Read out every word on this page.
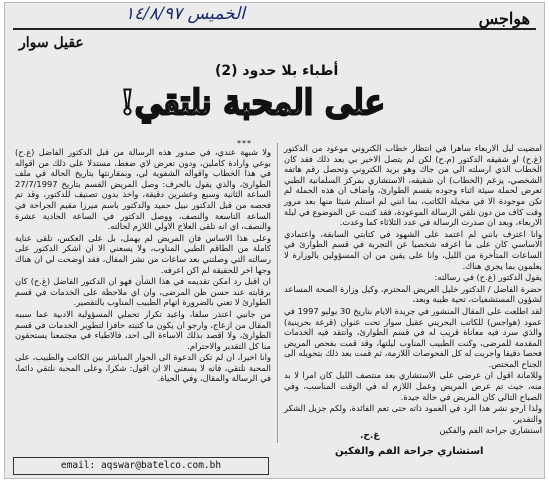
هواجس
الخميس ١٤/٨/٩٧
عقيل سوار
أطباء بلا حدود (2)
على المحبة نلتقي!
***	امضيت ليل الاربعاء ساهرا في انتظار خطاب الكتروني موعود من الدكتور (غ.ح) او شقيقه الدكتور (م.ح) لكن لم يتصل الاخير بي بعد ذلك فقد كان الخطاب الذي ارسلته الي من جاك وهو بريد الكتروني وتحصل رقم هاتفه الشخصي، يزعم (الخطاب) ان شقيقه، الاستشاري بمركز السلمانية الطبي تعرض لحملة سيئة اثناء وجوده بقسم الطوارئ، واضاف ان هذه الحملة لم تكن موجودة الا في مخيلة الكاتب، بما انني لم استلم شيئا منها بعد مرور وقت كاف من دون تلقي الرسالة الموعودة، فقد كتبت عن الموضوع في ليلة الاربعاء، وبعد ان صدرت الرسالة في عدد الثلاثاء كما وعدت.

وانا اعترف بانني لم اعتمد على الشهود في كتابتي السابقة، واعتمادي الاساسي كان على ما اعرفه شخصيا عن التجربة في قسم الطوارئ في الساعات المتأخرة من الليل، وانا على يقين من ان المسؤولين بالوزارة لا يعلمون بما يجري هناك.

يقول الدكتور (غ.ح) في رسالته:

حضرة الفاضل / الدكتور خليل العريض المحترم، وكيل وزارة الصحة المساعد لشؤون المستشفيات، تحية طيبة وبعد،

لقد اطلعت على المقال المنشور في جريدة الايام بتاريخ 30 يوليو 1997 في عمود (هواجس) للكاتب البحريني عقيل سوار تحت عنوان (قرعة بحرينية) والذي سرد فيه معاناة قريب له في قسم الطوارئ، وانتقد فيه الخدمات المقدمة للمرضى، وكنت الطبيب المناوب ليلتها، وقد قمت بفحص المريض فحصا دقيقا واجريت له كل الفحوصات اللازمة، ثم قمت بعد ذلك بتحويله الى الجناح المختص.

وللامانة اقول ان عرضي على الاستشاري بعد منتصف الليل كان امرا لا بد منه، حيث تم عرض المريض وعمل اللازم له في الوقت المناسب، وفي الصباح التالي كان المريض في حالة جيدة.

ولذا ارجو نشر هذا الرد في العمود ذاته حتى تعم الفائدة، ولكم جزيل الشكر والتقدير،

استشاري جراحة الفم والفكين

غ.ح.
استشاري جراحة الفم والفكين

ولا شبهة عندي، في صدور هذه الرسالة من قبل الدكتور الفاضل (غ.ح) بوعي وارادة كاملين، ودون تعرض لاي ضغط، مستدلا على ذلك من اقواله في هذا الخطاب واقواله الشفوية لي، وبمقارنتها بتاريخ الحالة في ملف الطوارئ، والذي يقول بالحرف: وصل المريض القسم بتاريخ 27/7/1997 الساعة الثانية وسبع وعشرين دقيقة، واخذ بدون تصنيف للدكتور، وقد تم فحصه من قبل الدكتور نبيل حميد والدكتور باسم ميرزا مقيم الجراحة في الساعة التاسعة والنصف، ووصل الدكتور في الساعة الحادية عشرة والنصف، اي انه تلقى العلاج الاولي اللازم لحالته.

وعلى هذا الاساس فان المريض لم يهمل، بل على العكس، تلقى عناية كاملة من الطاقم الطبي المناوب، ولا يسعني الا ان اشكر الدكتور على رسالته التي وصلتني بعد ساعات من نشر المقال، فقد اوضحت لي ان هناك وجها اخر للحقيقة لم اكن اعرفه.

ان اقبل رد امكن تقديمه في هذا الشأن فهو ان الدكتور الفاضل (غ.ح) كان برقابته عند حسن ظن المرضى، وان اي ملاحظة على الخدمات في قسم الطوارئ لا تعني بالضرورة اتهام الطبيب المناوب بالتقصير.

من جانبي اعتذر سلفا، واعيد تكرار تحملي المسؤولية الادبية عما سببه المقال من ازعاج، وارجو ان يكون ما كتبته حافزا لتطوير الخدمات في قسم الطوارئ، ولا اقصد بذلك الاساءة الى احد، فالاطباء في مجتمعنا يستحقون منا كل التقدير والاحترام.

وانا اخيرا، ان لم تكن الدعوة الى الحوار المباشر بين الكاتب والطبيب، على المحبة نلتقي، فانه لا يسعني الا ان اقول: شكرا، وعلى المحبة نلتقي دائما، في الرسالة والمقال، وفي الحياة.

email: aqswar@batelco.com.bh
